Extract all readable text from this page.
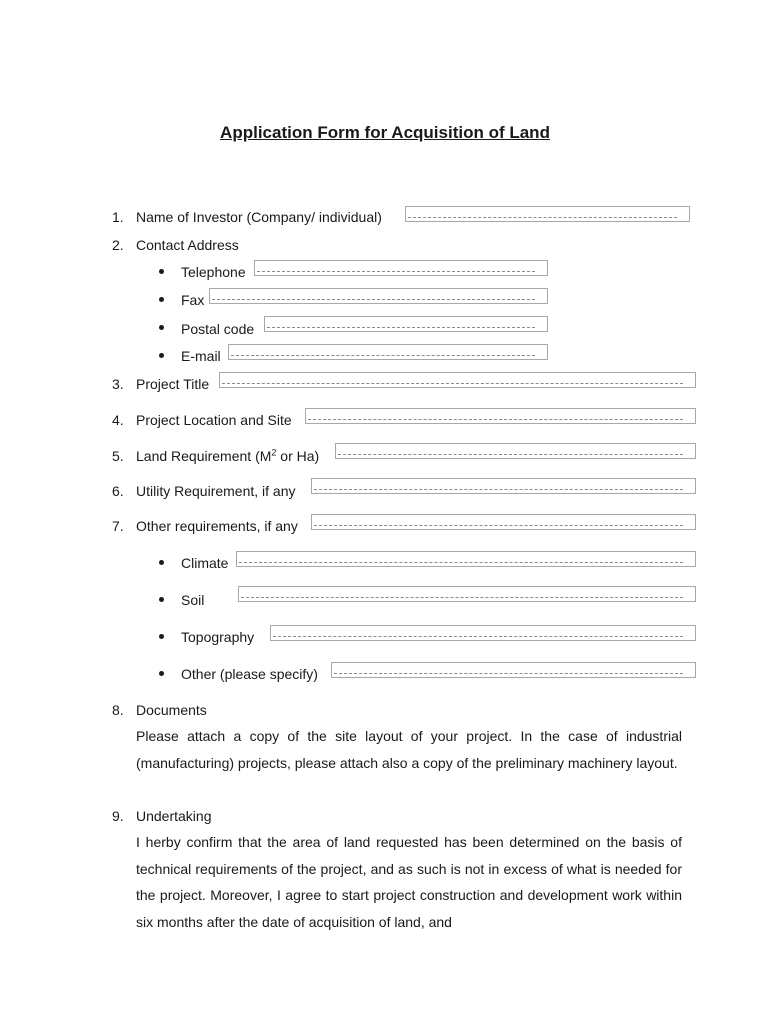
Application Form for Acquisition of Land
1. Name of Investor (Company/ individual)
2. Contact Address
Telephone
Fax
Postal code
E-mail
3. Project Title
4. Project Location and Site
5. Land Requirement ($M^2$ or Ha)
6. Utility Requirement, if any
7. Other requirements, if any
Climate
Soil
Topography
Other (please specify)
8. Documents
Please attach a copy of the site layout of your project. In the case of industrial (manufacturing) projects, please attach also a copy of the preliminary machinery layout.
9. Undertaking
I herby confirm that the area of land requested has been determined on the basis of technical requirements of the project, and as such is not in excess of what is needed for the project. Moreover, I agree to start project construction and development work within six months after the date of acquisition of land, and
